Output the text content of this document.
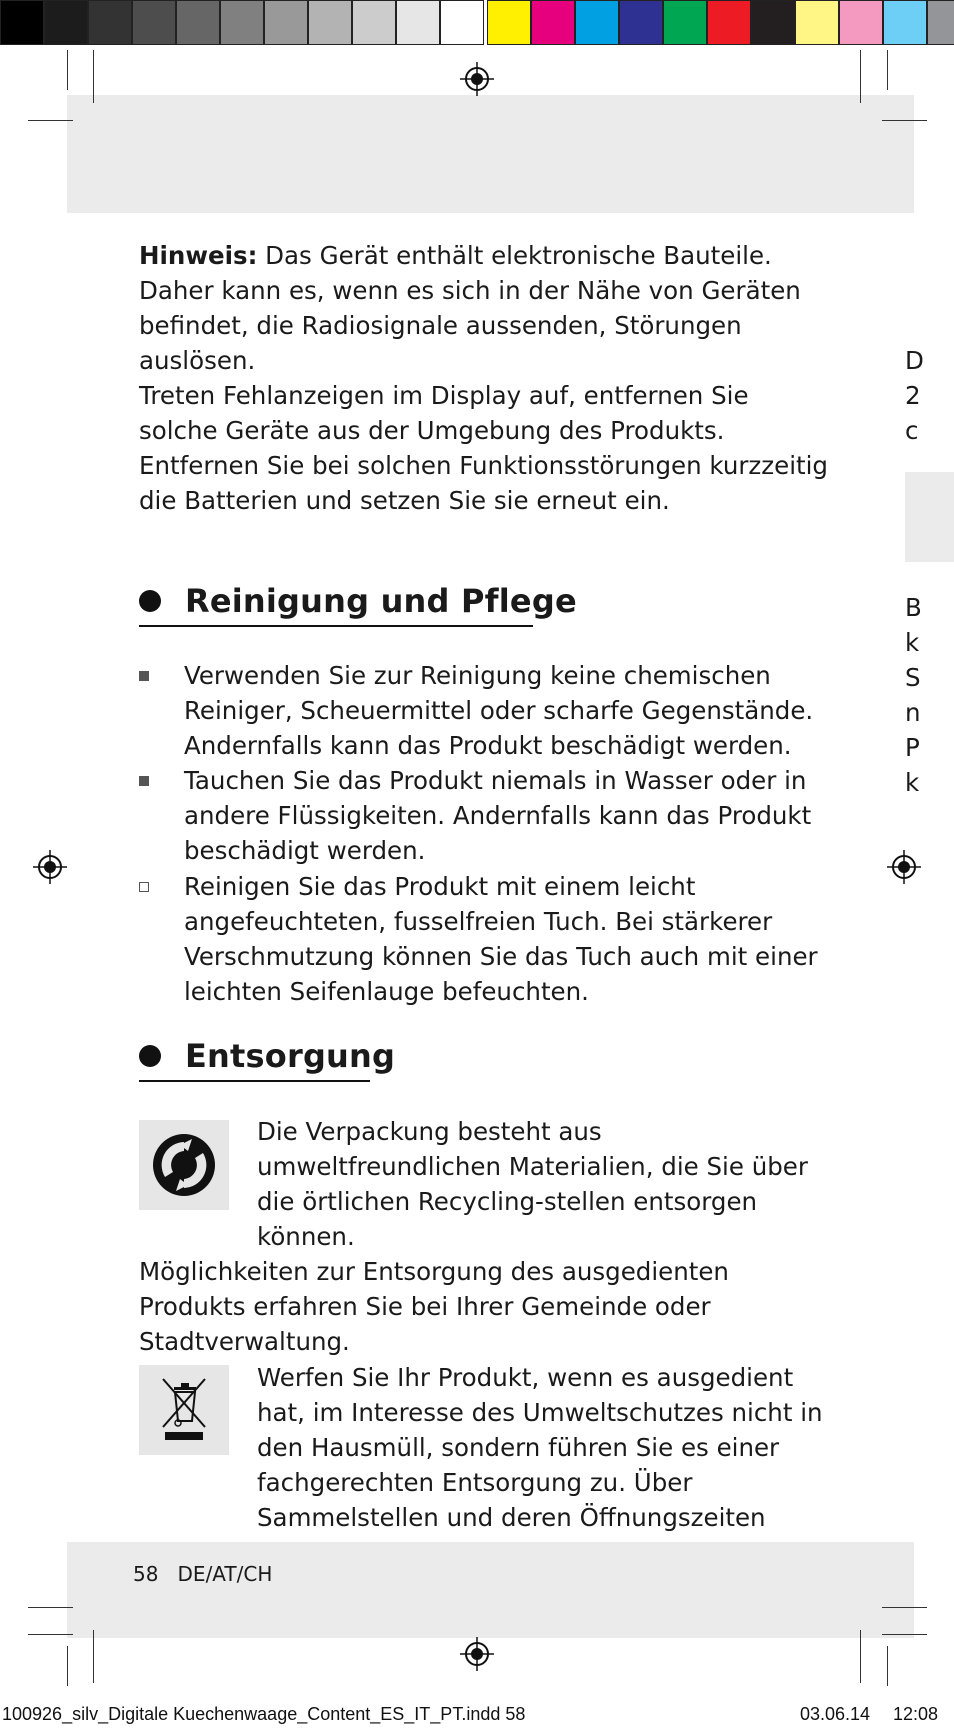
58 DE/AT/CH

Hinweis: Das Gerät enthält elektronische Bauteile. Daher kann es, wenn es sich in der Nähe von Geräten befindet, die Radiosignale aussenden, Störungen auslösen.

Treten Fehlanzeigen im Display auf, entfernen Sie solche Geräte aus der Umgebung des Produkts. Entfernen Sie bei solchen Funktionsstörungen kurzzeitig die Batterien und setzen Sie sie erneut ein.

Reinigung und Pflege
Verwenden Sie zur Reinigung keine chemischen Reiniger, Scheuermittel oder scharfe Gegenstände. Andernfalls kann das Produkt beschädigt werden.
Tauchen Sie das Produkt niemals in Wasser oder in andere Flüssigkeiten. Andernfalls kann das Produkt beschädigt werden.
Reinigen Sie das Produkt mit einem leicht angefeuchteten, fusselfreien Tuch. Bei stärkerer Verschmutzung können Sie das Tuch auch mit einer leichten Seifenlauge befeuchten.
Entsorgung

Die Verpackung besteht aus umweltfreundlichen Materialien, die Sie über die örtlichen Recycling-stellen entsorgen können.

Möglichkeiten zur Entsorgung des ausgedienten Produkts erfahren Sie bei Ihrer Gemeinde oder Stadtverwaltung.

Werfen Sie Ihr Produkt, wenn es ausgedient hat, im Interesse des Umweltschutzes nicht in den Hausmüll, sondern führen Sie es einer fachgerechten Entsorgung zu. Über Sammelstellen und deren Öffnungszeiten

D
2
c
B
k
S
n
P
k
100926_silv_Digitale Kuechenwaage_Content_ES_IT_PT.indd 58	03.06.14 12:08
